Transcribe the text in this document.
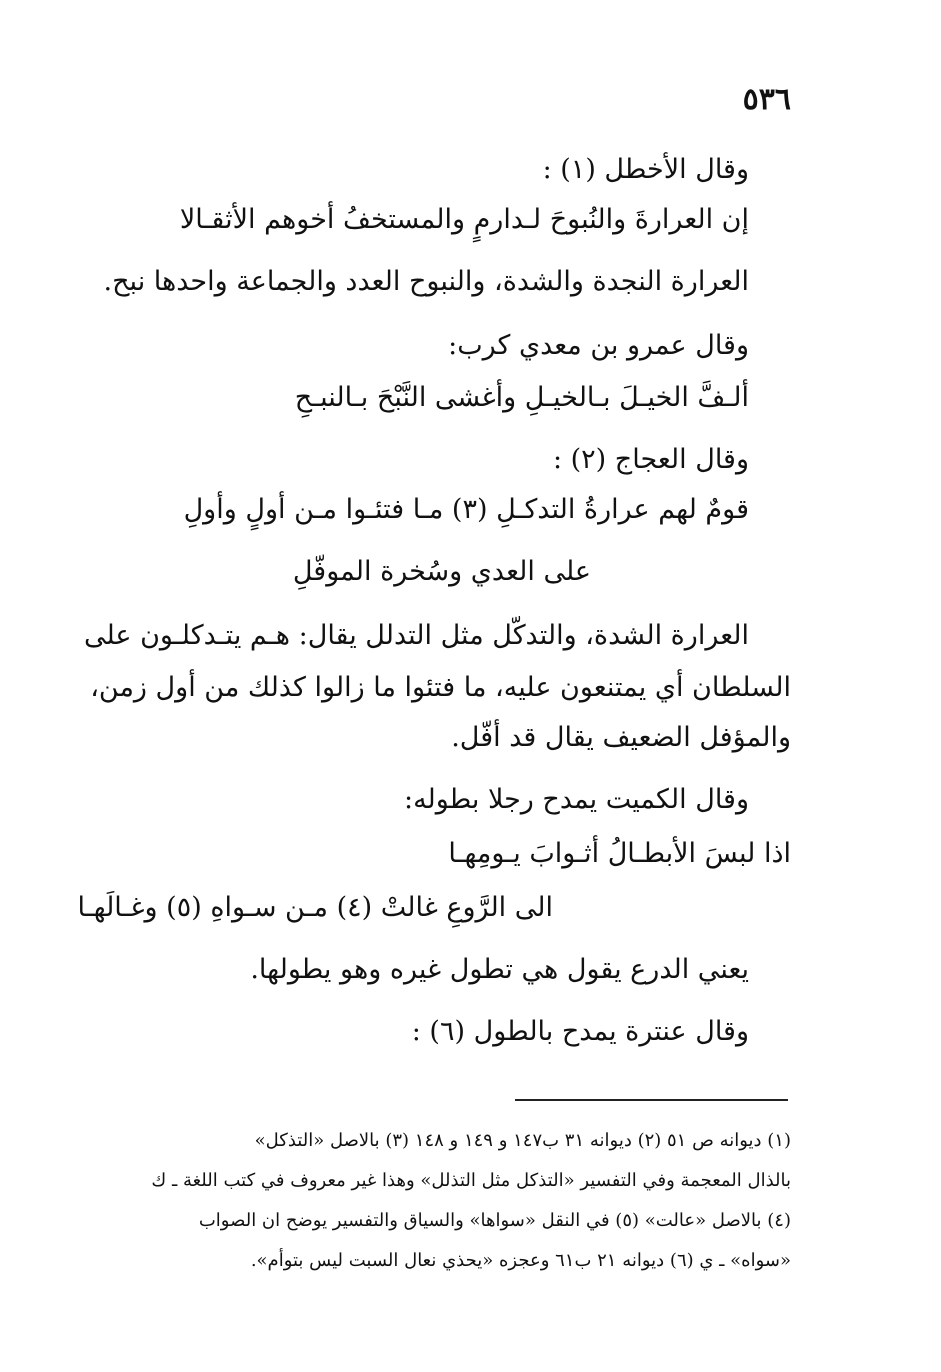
٥٣٦
وقال الأخطل (١) :
إن العرارةَ والنُبوحَ لـدارمٍ والمستخفُ أخوهم الأثقـالا
العرارة النجدة والشدة، والنبوح العدد والجماعة واحدها نبح.
وقال عمرو بن معدي كرب:
ألـفَّ الخيـلَ بـالخيـلِ وأغشى النَّبْحَ بـالنبـحِ
وقال العجاج (٢) :
قومٌ لهم عرارةُ التدكـلِ (٣) مـا فتئـوا مـن أولٍ وأولِ
على العدي وسُخرة الموفّلِ
العرارة الشدة، والتدكّل مثل التدلل يقال: هـم يتـدكلـون على
السلطان أي يمتنعون عليه، ما فتئوا ما زالوا كذلك من أول زمن،
والمؤفل الضعيف يقال قد أفّل.
وقال الكميت يمدح رجلا بطوله:
اذا لبسَ الأبطـالُ أثـوابَ يـومِهـا
الى الرَّوعِ غالتْ (٤) مـن سـواهِ (٥) وغـالَهـا
يعني الدرع يقول هي تطول غيره وهو يطولها.
وقال عنترة يمدح بالطول (٦) :
(١) ديوانه ص ٥١ (٢) ديوانه ٣١ ب١٤٧ و ١٤٩ و ١٤٨ (٣) بالاصل «التذكل»
بالذال المعجمة وفي التفسير «التذكل مثل التذلل» وهذا غير معروف في كتب اللغة ـ ك
(٤) بالاصل «عالت» (٥) في النقل «سواها» والسياق والتفسير يوضح ان الصواب
«سواه» ـ ي (٦) ديوانه ٢١ ب٦١ وعجزه «يحذي نعال السبت ليس بتوأم».
